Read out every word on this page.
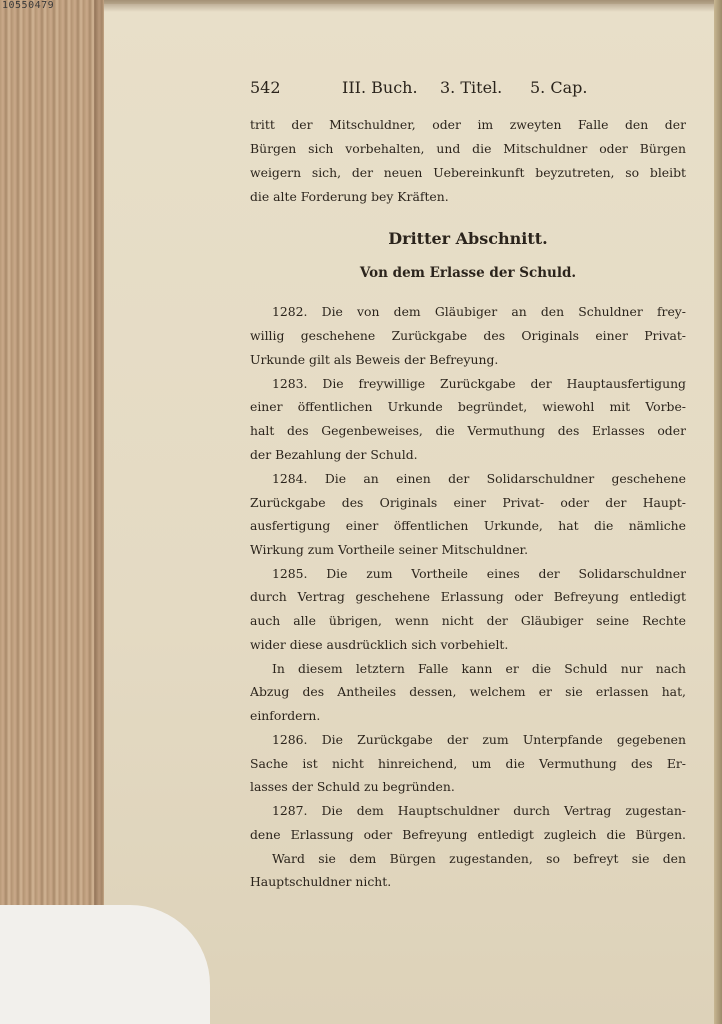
10550479
542	III. Buch. 3. Titel. 5. Cap.
tritt der Mitschuldner, oder im zweyten Falle den der
Bürgen sich vorbehalten, und die Mitschuldner oder Bürgen
weigern sich, der neuen Uebereinkunft beyzutreten, so bleibt
die alte Forderung bey Kräften.
Dritter Abschnitt.
Von dem Erlasse der Schuld.
1282. Die von dem Gläubiger an den Schuldner frey-
willig geschehene Zurückgabe des Originals einer Privat-
Urkunde gilt als Beweis der Befreyung.
1283. Die freywillige Zurückgabe der Hauptausfertigung
einer öffentlichen Urkunde begründet, wiewohl mit Vorbe-
halt des Gegenbeweises, die Vermuthung des Erlasses oder
der Bezahlung der Schuld.
1284. Die an einen der Solidarschuldner geschehene
Zurückgabe des Originals einer Privat- oder der Haupt-
ausfertigung einer öffentlichen Urkunde, hat die nämliche
Wirkung zum Vortheile seiner Mitschuldner.
1285. Die zum Vortheile eines der Solidarschuldner
durch Vertrag geschehene Erlassung oder Befreyung entledigt
auch alle übrigen, wenn nicht der Gläubiger seine Rechte
wider diese ausdrücklich sich vorbehielt.
In diesem letztern Falle kann er die Schuld nur nach
Abzug des Antheiles dessen, welchem er sie erlassen hat,
einfordern.
1286. Die Zurückgabe der zum Unterpfande gegebenen
Sache ist nicht hinreichend, um die Vermuthung des Er-
lasses der Schuld zu begründen.
1287. Die dem Hauptschuldner durch Vertrag zugestan-
dene Erlassung oder Befreyung entledigt zugleich die Bürgen.
Ward sie dem Bürgen zugestanden, so befreyt sie den
Hauptschuldner nicht.
